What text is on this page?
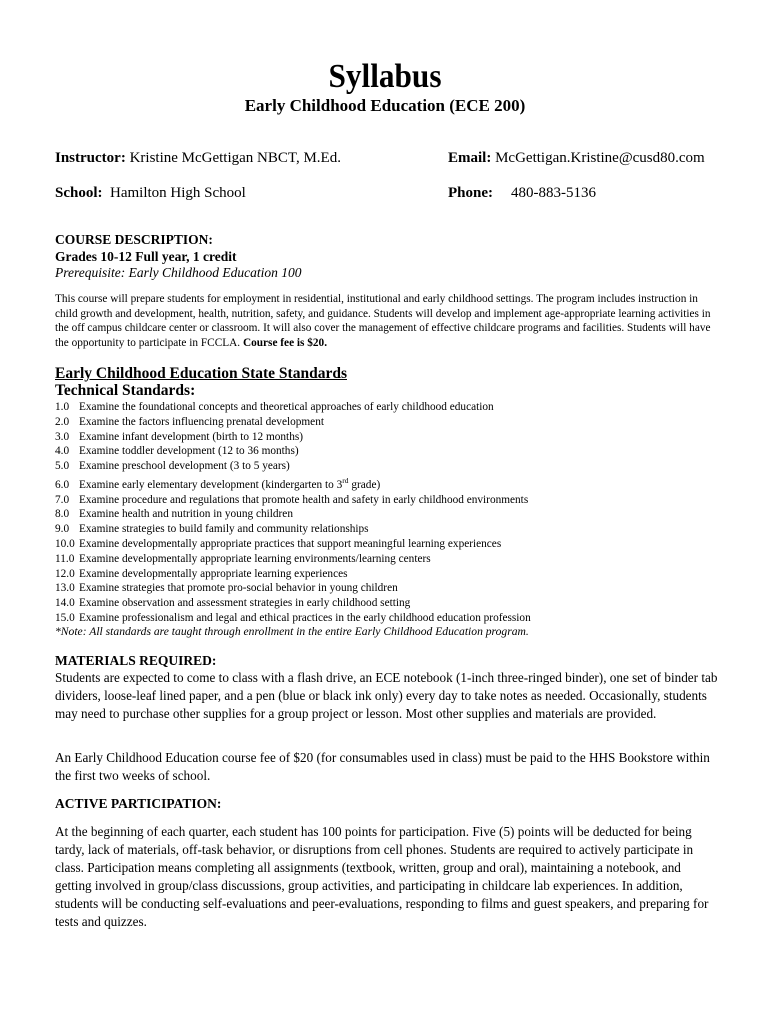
Syllabus
Early Childhood Education (ECE 200)
Instructor: Kristine McGettigan NBCT, M.Ed.	Email: McGettigan.Kristine@cusd80.com
School:  Hamilton High School	Phone: 480-883-5136
COURSE DESCRIPTION:
Grades 10-12 Full year, 1 credit
Prerequisite: Early Childhood Education 100
This course will prepare students for employment in residential, institutional and early childhood settings. The program includes instruction in child growth and development, health, nutrition, safety, and guidance. Students will develop and implement age-appropriate learning activities in the off campus childcare center or classroom. It will also cover the management of effective childcare programs and facilities. Students will have the opportunity to participate in FCCLA. Course fee is $20.
Early Childhood Education State Standards
Technical Standards:
1.0 Examine the foundational concepts and theoretical approaches of early childhood education
2.0 Examine the factors influencing prenatal development
3.0 Examine infant development (birth to 12 months)
4.0 Examine toddler development (12 to 36 months)
5.0 Examine preschool development (3 to 5 years)
6.0 Examine early elementary development (kindergarten to 3rd grade)
7.0 Examine procedure and regulations that promote health and safety in early childhood environments
8.0 Examine health and nutrition in young children
9.0 Examine strategies to build family and community relationships
10.0 Examine developmentally appropriate practices that support meaningful learning experiences
11.0 Examine developmentally appropriate learning environments/learning centers
12.0 Examine developmentally appropriate learning experiences
13.0 Examine strategies that promote pro-social behavior in young children
14.0 Examine observation and assessment strategies in early childhood setting
15.0 Examine professionalism and legal and ethical practices in the early childhood education profession
*Note: All standards are taught through enrollment in the entire Early Childhood Education program.
MATERIALS REQUIRED:
Students are expected to come to class with a flash drive, an ECE notebook (1-inch three-ringed binder), one set of binder tab dividers, loose-leaf lined paper, and a pen (blue or black ink only) every day to take notes as needed. Occasionally, students may need to purchase other supplies for a group project or lesson. Most other supplies and materials are provided.
An Early Childhood Education course fee of $20 (for consumables used in class) must be paid to the HHS Bookstore within the first two weeks of school.
ACTIVE PARTICIPATION:
At the beginning of each quarter, each student has 100 points for participation. Five (5) points will be deducted for being tardy, lack of materials, off-task behavior, or disruptions from cell phones. Students are required to actively participate in class. Participation means completing all assignments (textbook, written, group and oral), maintaining a notebook, and getting involved in group/class discussions, group activities, and participating in childcare lab experiences. In addition, students will be conducting self-evaluations and peer-evaluations, responding to films and guest speakers, and preparing for tests and quizzes.
